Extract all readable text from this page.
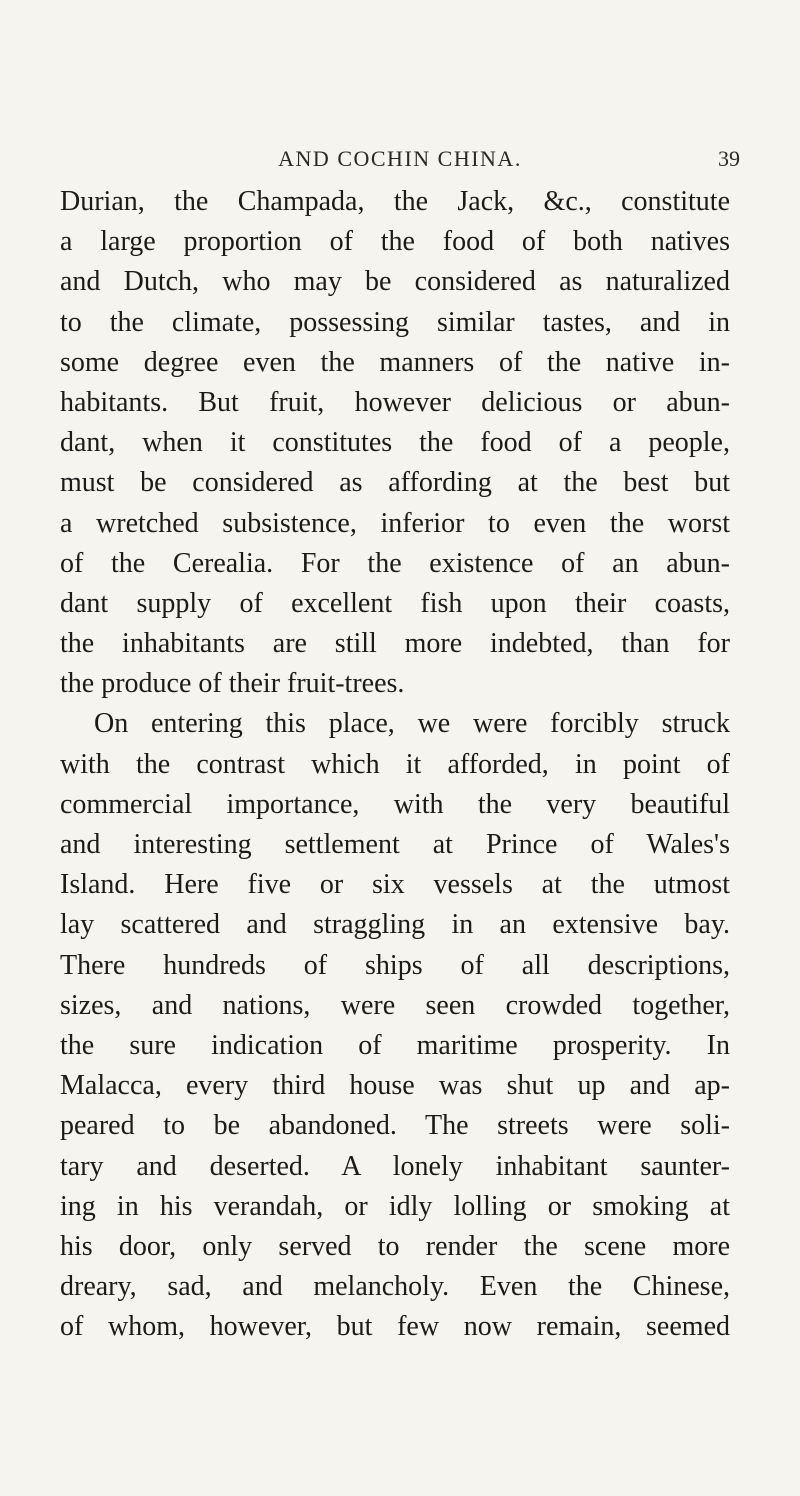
AND COCHIN CHINA.	39
Durian, the Champada, the Jack, &c., constitute
a large proportion of the food of both natives
and Dutch, who may be considered as naturalized
to the climate, possessing similar tastes, and in
some degree even the manners of the native in-
habitants. But fruit, however delicious or abun-
dant, when it constitutes the food of a people,
must be considered as affording at the best but
a wretched subsistence, inferior to even the worst
of the Cerealia. For the existence of an abun-
dant supply of excellent fish upon their coasts,
the inhabitants are still more indebted, than for
the produce of their fruit-trees.
On entering this place, we were forcibly struck
with the contrast which it afforded, in point of
commercial importance, with the very beautiful
and interesting settlement at Prince of Wales's
Island. Here five or six vessels at the utmost
lay scattered and straggling in an extensive bay.
There hundreds of ships of all descriptions,
sizes, and nations, were seen crowded together,
the sure indication of maritime prosperity. In
Malacca, every third house was shut up and ap-
peared to be abandoned. The streets were soli-
tary and deserted. A lonely inhabitant saunter-
ing in his verandah, or idly lolling or smoking at
his door, only served to render the scene more
dreary, sad, and melancholy. Even the Chinese,
of whom, however, but few now remain, seemed
